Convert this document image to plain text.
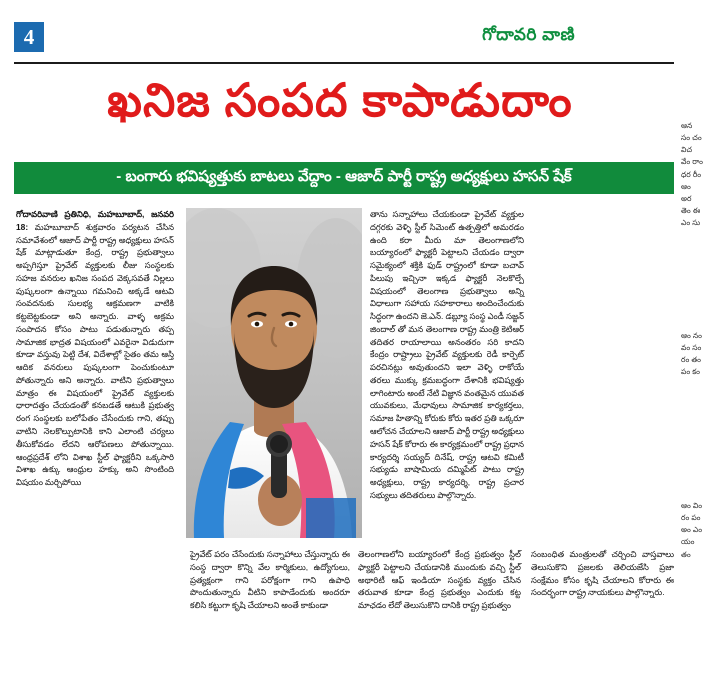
4	గోదావరి వాణి
ఖనిజ సంపద కాపాడుదాం
- బంగారు భవిష్యత్తుకు బాటలు వేద్దాం - ఆజాద్ పార్టీ రాష్ట్ర అధ్యక్షులు హసన్ షేక్
గోదావరివాణి ప్రతినిధి, మహబూబాద్, జనవరి 18: మహబూబాద్ శుక్రవారం పర్యటన చేసిన సమావేశంలో ఆజాద్ పార్టీ రాష్ట్ర అధ్యక్షులు హసన్ షేక్ మాట్లాడుతూ కేంద్ర, రాష్ట్ర ప్రభుత్వాలు అప్పగిస్తూ ప్రైవేట్ వ్యక్తులకు లీజు సంస్థలకు సహజ వనరుల ఖనిజ సంపద వెక్కసవతే నిల్లలు పుష్కలంగా ఉన్నాయి గమనించి అక్కడే ఆటవి సంవదనుకు సులభ్య ఆక్రమణగా వాటికి కట్టబెట్టకుండా అని అన్నారు. వాళ్ళ అక్రమ సంపాదన కోసం పాటు పడుతున్నారు తప్ప సామాజిక భాద్రత విషయంలో ఎవరైనా విడుదుగా కూడా వస్తువు పెట్టి దేశ, విదేశాల్లో సైతం తమ ఆస్తి ఆదిక వనరులు పుష్కలంగా పెంచుకుంటూ పోతున్నారు అని అన్నారు. వాటిని ప్రభుత్వాలు మాత్రం ఈ విషయంలో ప్రైవేట్ వ్యక్తులకు ధారాదత్తం చేయడంతో కనబడతే ఆటుకి ప్రభుత్వ రంగ సంస్థలకు బలోపేతం చేసేందుకు గాని, తప్పు వాటిని నెలకొల్పుటానికి కాని ఎలాంటి చర్యలు తీసుకోవడం లేదని ఆరోపణలు పోతున్నాయి. ఆంధ్రప్రదేశ్ లోని విశాఖ స్టీల్ ఫ్యాక్టరీని ఒక్కసారి విశాఖ ఉక్కు ఆంధ్రుల హక్కు అని సొంటింది విషయం మర్చిపోయి
తాను సన్నాహాలు చేయకుండా ప్రైవేట్ వ్యక్తుల దగ్గరకు వెళ్ళి స్టీల్ సిమెంట్ ఉత్పత్తిలో అమరడం ఉంది కరా మీరు మా తెలంగాణలోని బయ్యారంలో ఫ్యాక్టరీ పెట్టాలని చేయడం ద్వారా సమైక్యంలో శక్తికి ఫుడ్ రాష్ట్రంలో కూడా బచావ్ పిలుపు ఇచ్చినా ఇక్కడ ఫ్యాక్టరీ నెలకొల్పే విషయంలో తెలంగాణ ప్రభుత్వాలు అన్ని విధాలుగా సహాయ సహకారాలు అందించేందుకు సిద్ధంగా ఉందని జె.ఎన్. డబ్ల్యూ సంస్థ ఎండీ సజ్జన్ జిందాల్ తో మన తెలంగాణ రాష్ట్ర మంత్రి కెటిఆర్ తదితర రాయాలాయి అనంతరం సరి కాదని కేంద్రం రాష్ట్రాలు ప్రైవేట్ వ్యక్తులకు రెడీ కార్పెట్ పరచినట్లు అవుతుందని ఇలా వెళ్ళి రాకోయే తరలు ముక్కు క్రమబద్ధంగా దేశానికి భవిష్యత్తు లాగింటారు అంటే నేటి విజ్ఞాన వంతమైన యువత యువకులు, మేధావులు సామాజిక కార్యకర్తలు, సమాజ హితాన్ని కోరుకు కోరు ఇతర ప్రతి ఒక్కరూ ఆలోచన చేయాలని ఆజాద్ పార్టీ రాష్ట్ర అధ్యక్షులు హసన్ షేక్ కోరారు ఈ కార్యక్రమంలో రాష్ట్ర ప్రధాన కార్యదర్శి సయ్యద్ దినేష్, రాష్ట్ర ఆటవి కమిటీ సభ్యుడు బాషామియ దమ్మిపేట్ పాటు రాష్ట్ర అధ్యక్షులు, రాష్ట్ర కార్యదర్శి, రాష్ట్ర ప్రచార సభ్యులు తదితరులు పాల్గొన్నారు.
ప్రైవేట్ పరం చేసేందుకు సన్నాహాలు చేస్తున్నారు ఈ సంస్థ ద్వారా కొన్ని వేల కార్మికులు, ఉద్యోగులు, ప్రత్యక్షంగా గాని పరోక్షంగా గాని ఉపాధి పొందుతున్నారు వీటిని కాపాడేందుకు అందరూ కలిసి కట్టుగా కృషి చేయాలని అంతే కాకుండా
తెలంగాణలోని బయ్యారంలో కేంద్ర ప్రభుత్వం స్టీల్ ఫ్యాక్టరీ పెట్టాలని చేయడానికి ముందుకు వచ్చి స్టీల్ అథారిటీ ఆఫ్ ఇండియా సంస్థకు వ్యక్తం చేసిన తరువాత కూడా కేంద్ర ప్రభుత్వం ఎందుకు కట్ట మాఛడం లేదో తెలుసుకొని దానికి రాష్ట్ర ప్రభుత్వం
సంబంధిత మంత్రులతో చర్చించి వాస్తవాలు తెలుసుకొని ప్రజలకు తెలియజేసి ప్రజా సంక్షేమం కోసం కృషి చేయాలని కోరారు ఈ సందర్భంగా రాష్ట్ర నాయకులు పాల్గొన్నారు.
ఆన సం చం విచ వేం రాం ధర రీం ఆం అర తెం ఈ ఎం సు
ఆం నం వం సం రం తం పం కం
ఆం విం రం పం అం ఎం యం తం
